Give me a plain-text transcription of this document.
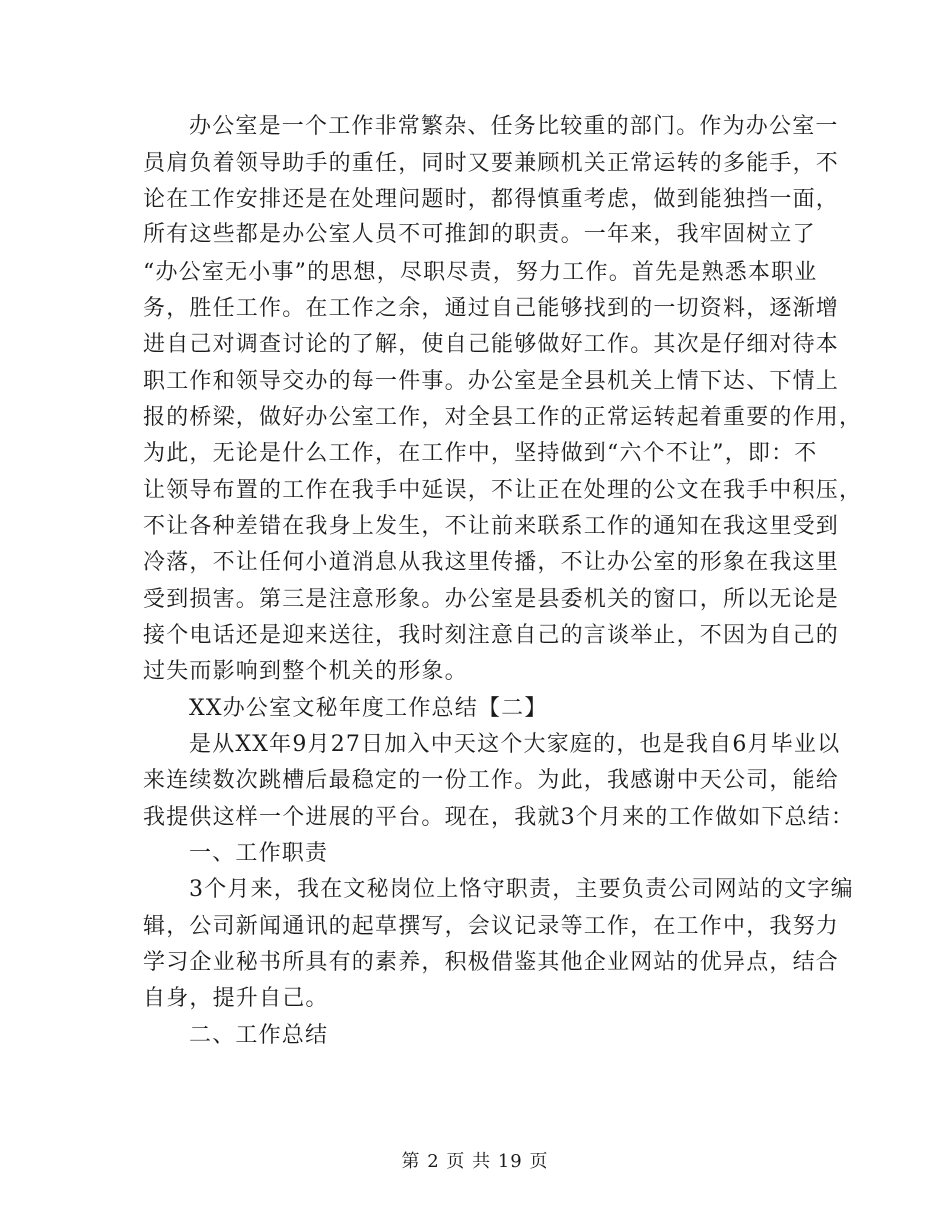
办公室是一个工作非常繁杂、任务比较重的部门。作为办公室一
员肩负着领导助手的重任，同时又要兼顾机关正常运转的多能手，不
论在工作安排还是在处理问题时，都得慎重考虑，做到能独挡一面，
所有这些都是办公室人员不可推卸的职责。一年来，我牢固树立了
“办公室无小事”的思想，尽职尽责，努力工作。首先是熟悉本职业
务，胜任工作。在工作之余，通过自己能够找到的一切资料，逐渐增
进自己对调查讨论的了解，使自己能够做好工作。其次是仔细对待本
职工作和领导交办的每一件事。办公室是全县机关上情下达、下情上
报的桥梁，做好办公室工作，对全县工作的正常运转起着重要的作用，
为此，无论是什么工作，在工作中，坚持做到“六个不让”，即：不
让领导布置的工作在我手中延误，不让正在处理的公文在我手中积压，
不让各种差错在我身上发生，不让前来联系工作的通知在我这里受到
冷落，不让任何小道消息从我这里传播，不让办公室的形象在我这里
受到损害。第三是注意形象。办公室是县委机关的窗口，所以无论是
接个电话还是迎来送往，我时刻注意自己的言谈举止，不因为自己的
过失而影响到整个机关的形象。
XX办公室文秘年度工作总结【二】
是从XX年9月27日加入中天这个大家庭的，也是我自6月毕业以
来连续数次跳槽后最稳定的一份工作。为此，我感谢中天公司，能给
我提供这样一个进展的平台。现在，我就3个月来的工作做如下总结：
一、工作职责
3个月来，我在文秘岗位上恪守职责，主要负责公司网站的文字编
辑，公司新闻通讯的起草撰写，会议记录等工作，在工作中，我努力
学习企业秘书所具有的素养，积极借鉴其他企业网站的优异点，结合
自身，提升自己。
二、工作总结
第 2 页 共 19 页
